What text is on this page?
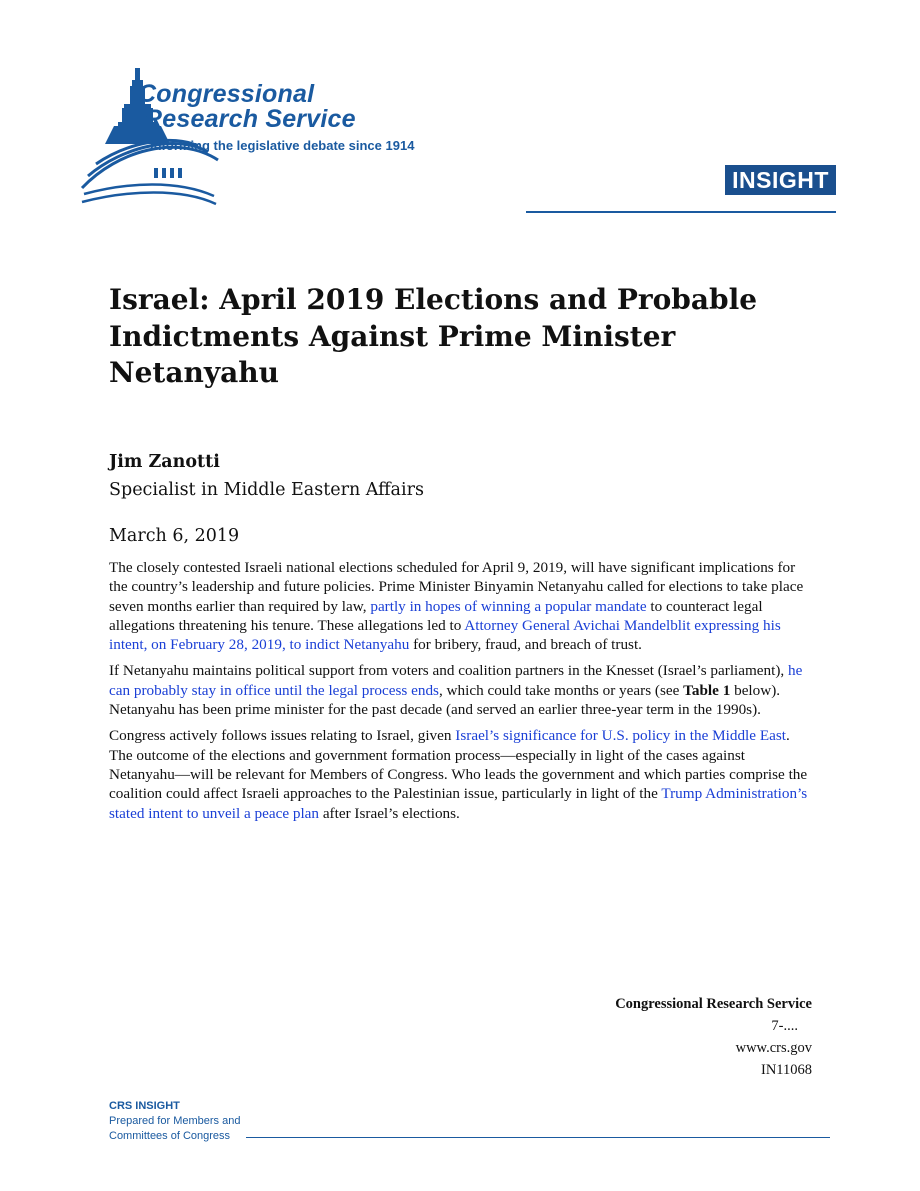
Congressional
Research Service
Informing the legislative debate since 1914
INSIGHT
Israel: April 2019 Elections and Probable Indictments Against Prime Minister Netanyahu
Jim Zanotti
Specialist in Middle Eastern Affairs
March 6, 2019

The closely contested Israeli national elections scheduled for April 9, 2019, will have significant implications for the country’s leadership and future policies. Prime Minister Binyamin Netanyahu called for elections to take place seven months earlier than required by law, partly in hopes of winning a popular mandate to counteract legal allegations threatening his tenure. These allegations led to Attorney General Avichai Mandelblit expressing his intent, on February 28, 2019, to indict Netanyahu for bribery, fraud, and breach of trust.

If Netanyahu maintains political support from voters and coalition partners in the Knesset (Israel’s parliament), he can probably stay in office until the legal process ends, which could take months or years (see Table 1 below). Netanyahu has been prime minister for the past decade (and served an earlier three-year term in the 1990s).

Congress actively follows issues relating to Israel, given Israel’s significance for U.S. policy in the Middle East. The outcome of the elections and government formation process—especially in light of the cases against Netanyahu—will be relevant for Members of Congress. Who leads the government and which parties comprise the coalition could affect Israeli approaches to the Palestinian issue, particularly in light of the Trump Administration’s stated intent to unveil a peace plan after Israel’s elections.

Congressional Research Service
7-....
www.crs.gov
IN11068
CRS INSIGHT
Prepared for Members and
Committees of Congress
